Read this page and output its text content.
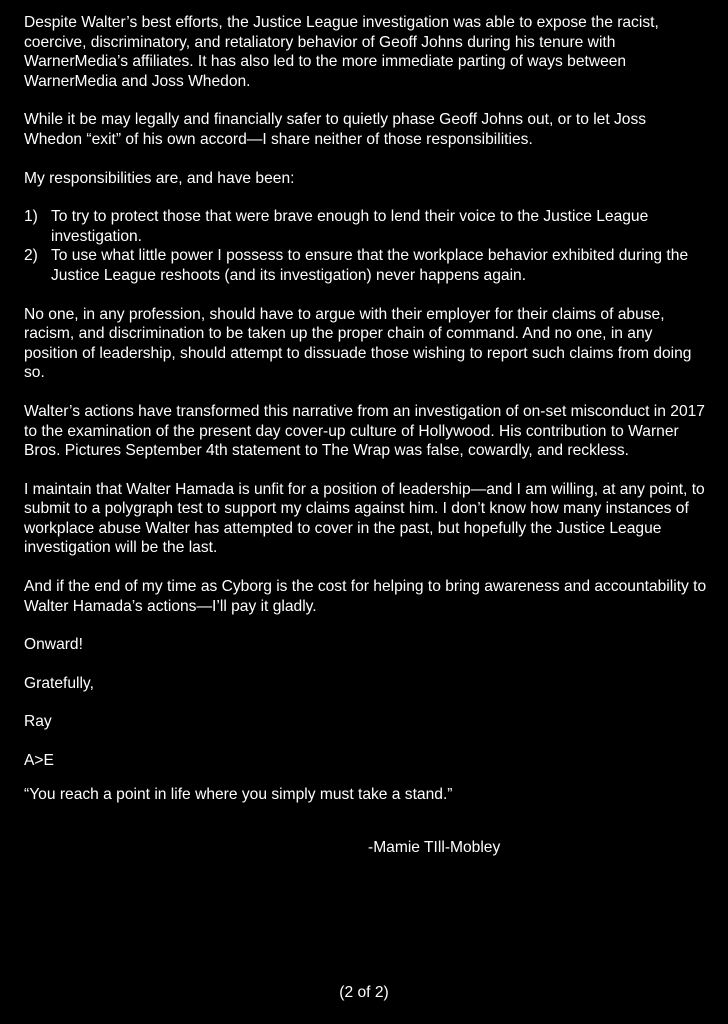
Despite Walter’s best efforts, the Justice League investigation was able to expose the racist, coercive, discriminatory, and retaliatory behavior of Geoff Johns during his tenure with WarnerMedia’s affiliates. It has also led to the more immediate parting of ways between WarnerMedia and Joss Whedon.

While it be may legally and financially safer to quietly phase Geoff Johns out, or to let Joss Whedon “exit” of his own accord—I share neither of those responsibilities.

My responsibilities are, and have been:

1) To try to protect those that were brave enough to lend their voice to the Justice League investigation.
2) To use what little power I possess to ensure that the workplace behavior exhibited during the Justice League reshoots (and its investigation) never happens again.

No one, in any profession, should have to argue with their employer for their claims of abuse, racism, and discrimination to be taken up the proper chain of command. And no one, in any position of leadership, should attempt to dissuade those wishing to report such claims from doing so.

Walter’s actions have transformed this narrative from an investigation of on-set misconduct in 2017 to the examination of the present day cover-up culture of Hollywood. His contribution to Warner Bros. Pictures September 4th statement to The Wrap was false, cowardly, and reckless.

I maintain that Walter Hamada is unfit for a position of leadership—and I am willing, at any point, to submit to a polygraph test to support my claims against him. I don’t know how many instances of workplace abuse Walter has attempted to cover in the past, but hopefully the Justice League investigation will be the last.

And if the end of my time as Cyborg is the cost for helping to bring awareness and accountability to Walter Hamada’s actions—I’ll pay it gladly.

Onward!

Gratefully,

Ray

A>E

“You reach a point in life where you simply must take a stand.”
-Mamie TIll-Mobley
(2 of 2)
